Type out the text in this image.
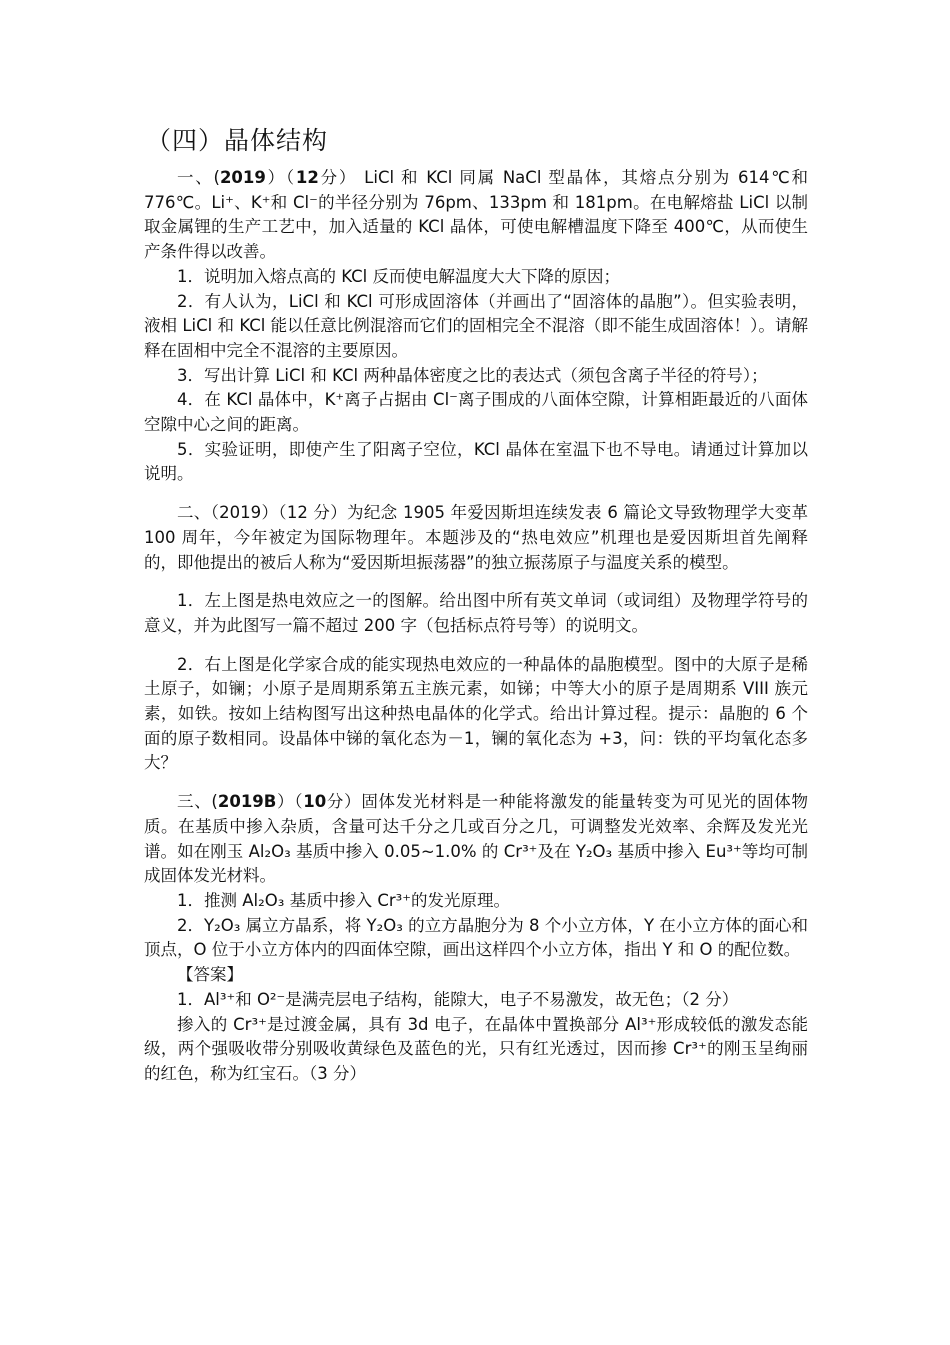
（四）晶体结构

一、(2019）（12分） LiCl 和 KCl 同属 NaCl 型晶体，其熔点分别为 614℃和 776℃。Li⁺、K⁺和 Cl⁻的半径分别为 76pm、133pm 和 181pm。在电解熔盐 LiCl 以制取金属锂的生产工艺中，加入适量的 KCl 晶体，可使电解槽温度下降至 400℃，从而使生产条件得以改善。

1．说明加入熔点高的 KCl 反而使电解温度大大下降的原因；

2．有人认为，LiCl 和 KCl 可形成固溶体（并画出了“固溶体的晶胞”）。但实验表明，液相 LiCl 和 KCl 能以任意比例混溶而它们的固相完全不混溶（即不能生成固溶体！）。请解释在固相中完全不混溶的主要原因。

3．写出计算 LiCl 和 KCl 两种晶体密度之比的表达式（须包含离子半径的符号）；

4．在 KCl 晶体中，K⁺离子占据由 Cl⁻离子围成的八面体空隙，计算相距最近的八面体空隙中心之间的距离。

5．实验证明，即使产生了阳离子空位，KCl 晶体在室温下也不导电。请通过计算加以说明。

二、（2019）（12 分）为纪念 1905 年爱因斯坦连续发表 6 篇论文导致物理学大变革 100 周年，今年被定为国际物理年。本题涉及的“热电效应”机理也是爱因斯坦首先阐释的，即他提出的被后人称为“爱因斯坦振荡器”的独立振荡原子与温度关系的模型。

1．左上图是热电效应之一的图解。给出图中所有英文单词（或词组）及物理学符号的意义，并为此图写一篇不超过 200 字（包括标点符号等）的说明文。

2．右上图是化学家合成的能实现热电效应的一种晶体的晶胞模型。图中的大原子是稀土原子，如镧；小原子是周期系第五主族元素，如锑；中等大小的原子是周期系 VIII 族元素，如铁。按如上结构图写出这种热电晶体的化学式。给出计算过程。提示：晶胞的 6 个面的原子数相同。设晶体中锑的氧化态为－1，镧的氧化态为 +3，问：铁的平均氧化态多大？

三、(2019B）（10分）固体发光材料是一种能将激发的能量转变为可见光的固体物质。在基质中掺入杂质，含量可达千分之几或百分之几，可调整发光效率、余辉及发光光谱。如在刚玉 Al₂O₃ 基质中掺入 0.05~1.0% 的 Cr³⁺及在 Y₂O₃ 基质中掺入 Eu³⁺等均可制成固体发光材料。

1．推测 Al₂O₃ 基质中掺入 Cr³⁺的发光原理。

2．Y₂O₃ 属立方晶系，将 Y₂O₃ 的立方晶胞分为 8 个小立方体，Y 在小立方体的面心和顶点，O 位于小立方体内的四面体空隙，画出这样四个小立方体，指出 Y 和 O 的配位数。

【答案】

1．Al³⁺和 O²⁻是满壳层电子结构，能隙大，电子不易激发，故无色；（2 分）

掺入的 Cr³⁺是过渡金属，具有 3d 电子，在晶体中置换部分 Al³⁺形成较低的激发态能级，两个强吸收带分别吸收黄绿色及蓝色的光，只有红光透过，因而掺 Cr³⁺的刚玉呈绚丽的红色，称为红宝石。（3 分）
